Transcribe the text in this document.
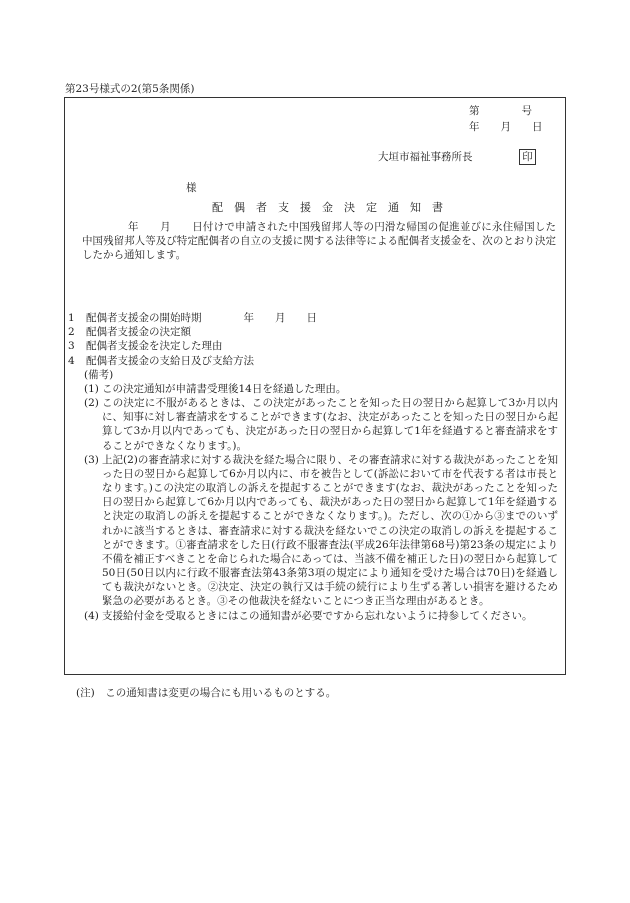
第23号様式の2(第5条関係)
第　　　　号
年　　月　　日
大垣市福祉事務所長	印
様
配　偶　者　支　援　金　決　定　通　知　書
年　　月　　日付けで申請された中国残留邦人等の円滑な帰国の促進並びに永住帰国した中国残留邦人等及び特定配偶者の自立の支援に関する法律等による配偶者支援金を、次のとおり決定したから通知します。
1	配偶者支援金の開始時期　　　　年　　月　　日
2	配偶者支援金の決定額
3	配偶者支援金を決定した理由
4	配偶者支援金の支給日及び支給方法
(備考)
(1) この決定通知が申請書受理後14日を経過した理由。
(2) この決定に不服があるときは、この決定があったことを知った日の翌日から起算して3か月以内に、知事に対し審査請求をすることができます(なお、決定があったことを知った日の翌日から起算して3か月以内であっても、決定があった日の翌日から起算して1年を経過すると審査請求をすることができなくなります。)。
(3) 上記(2)の審査請求に対する裁決を経た場合に限り、その審査請求に対する裁決があったことを知った日の翌日から起算して6か月以内に、市を被告として(訴訟において市を代表する者は市長となります。)この決定の取消しの訴えを提起することができます(なお、裁決があったことを知った日の翌日から起算して6か月以内であっても、裁決があった日の翌日から起算して1年を経過すると決定の取消しの訴えを提起することができなくなります。)。ただし、次の①から③までのいずれかに該当するときは、審査請求に対する裁決を経ないでこの決定の取消しの訴えを提起することができます。①審査請求をした日(行政不服審査法(平成26年法律第68号)第23条の規定により不備を補正すべきことを命じられた場合にあっては、当該不備を補正した日)の翌日から起算して50日(50日以内に行政不服審査法第43条第3項の規定により通知を受けた場合は70日)を経過しても裁決がないとき。②決定、決定の執行又は手続の続行により生ずる著しい損害を避けるため緊急の必要があるとき。③その他裁決を経ないことにつき正当な理由があるとき。
(4) 支援給付金を受取るときにはこの通知書が必要ですから忘れないように持参してください。
(注)　この通知書は変更の場合にも用いるものとする。
